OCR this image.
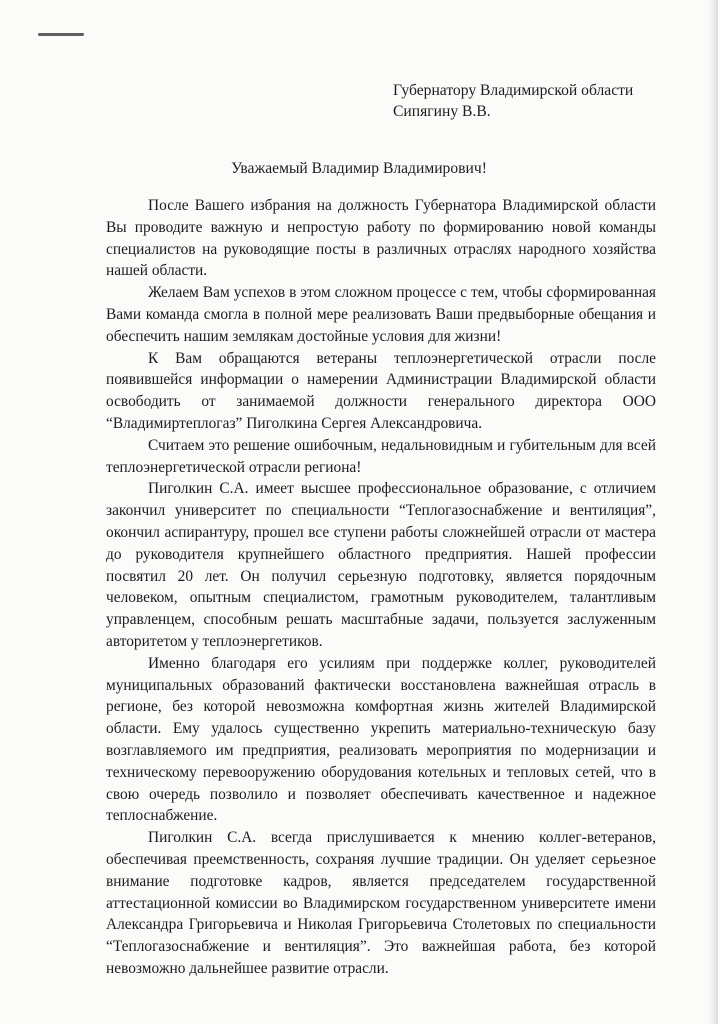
Губернатору Владимирской области
Сипягину В.В.
Уважаемый Владимир Владимирович!

После Вашего избрания на должность Губернатора Владимирской области Вы проводите важную и непростую работу по формированию новой команды специалистов на руководящие посты в различных отраслях народного хозяйства нашей области.

Желаем Вам успехов в этом сложном процессе с тем, чтобы сформированная Вами команда смогла в полной мере реализовать Ваши предвыборные обещания и обеспечить нашим землякам достойные условия для жизни!

К Вам обращаются ветераны теплоэнергетической отрасли после появившейся информации о намерении Администрации Владимирской области освободить от занимаемой должности генерального директора ООО “Владимиртеплогаз” Пиголкина Сергея Александровича.

Считаем это решение ошибочным, недальновидным и губительным для всей теплоэнергетической отрасли региона!

Пиголкин С.А. имеет высшее профессиональное образование, с отличием закончил университет по специальности “Теплогазоснабжение и вентиляция”, окончил аспирантуру, прошел все ступени работы сложнейшей отрасли от мастера до руководителя крупнейшего областного предприятия. Нашей профессии посвятил 20 лет. Он получил серьезную подготовку, является порядочным человеком, опытным специалистом, грамотным руководителем, талантливым управленцем, способным решать масштабные задачи, пользуется заслуженным авторитетом у теплоэнергетиков.

Именно благодаря его усилиям при поддержке коллег, руководителей муниципальных образований фактически восстановлена важнейшая отрасль в регионе, без которой невозможна комфортная жизнь жителей Владимирской области. Ему удалось существенно укрепить материально-техническую базу возглавляемого им предприятия, реализовать мероприятия по модернизации и техническому перевооружению оборудования котельных и тепловых сетей, что в свою очередь позволило и позволяет обеспечивать качественное и надежное теплоснабжение.

Пиголкин С.А. всегда прислушивается к мнению коллег-ветеранов, обеспечивая преемственность, сохраняя лучшие традиции. Он уделяет серьезное внимание подготовке кадров, является председателем государственной аттестационной комиссии во Владимирском государственном университете имени Александра Григорьевича и Николая Григорьевича Столетовых по специальности “Теплогазоснабжение и вентиляция”. Это важнейшая работа, без которой невозможно дальнейшее развитие отрасли.
